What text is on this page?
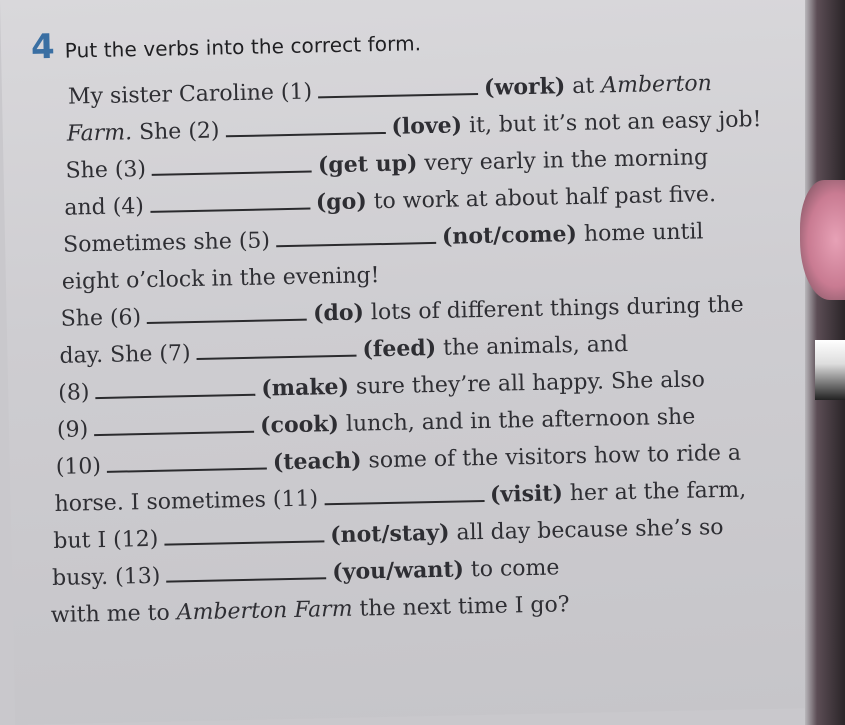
4 Put the verbs into the correct form.
My sister Caroline (1)	(work) at Amberton
Farm. She (2)	(love) it, but it’s not an easy job!
She (3)	(get up) very early in the morning
and (4)	(go) to work at about half past five.
Sometimes she (5)	(not/come) home until
eight o’clock in the evening!
She (6)	(do) lots of different things during the
day. She (7)	(feed) the animals, and
(8)	(make) sure they’re all happy. She also
(9)	(cook) lunch, and in the afternoon she
(10)	(teach) some of the visitors how to ride a
horse. I sometimes (11)	(visit) her at the farm,
but I (12)	(not/stay) all day because she’s so
busy. (13)	(you/want) to come
with me to Amberton Farm the next time I go?
